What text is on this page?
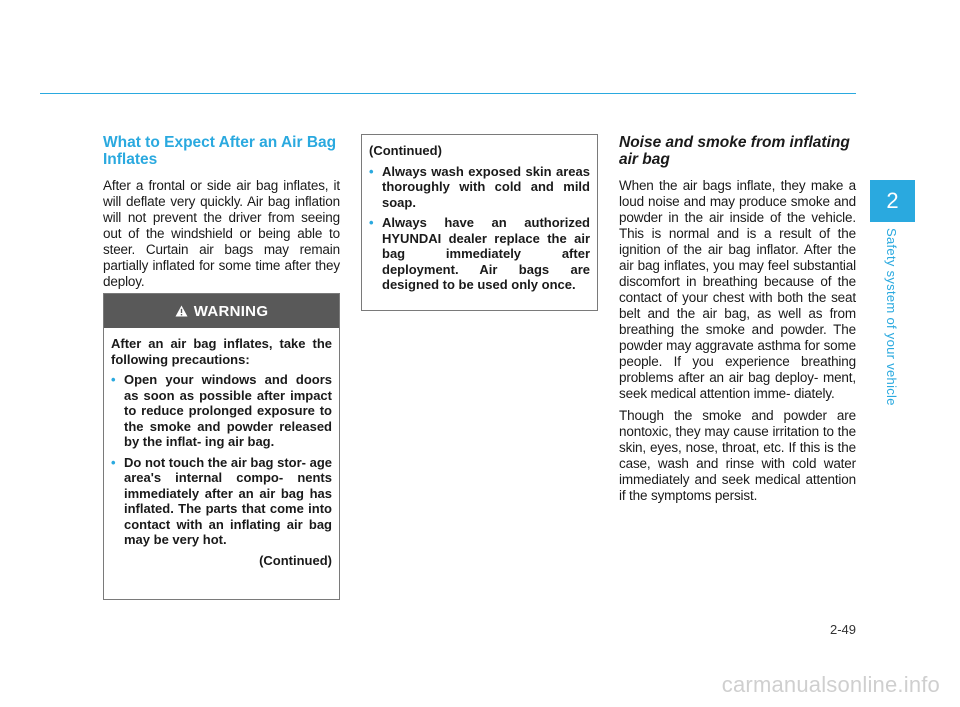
What to Expect After an Air Bag Inflates

After a frontal or side air bag inflates, it will deflate very quickly. Air bag inflation will not prevent the driver from seeing out of the windshield or being able to steer. Curtain air bags may remain partially inflated for some time after they deploy.

WARNING

After an air bag inflates, take the following precautions:

• Open your windows and doors as soon as possible after impact to reduce prolonged exposure to the smoke and powder released by the inflat- ing air bag.
• Do not touch the air bag stor- age area's internal compo- nents immediately after an air bag has inflated. The parts that come into contact with an inflating air bag may be very hot.
(Continued)

(Continued)

• Always wash exposed skin areas thoroughly with cold and mild soap.
• Always have an authorized HYUNDAI dealer replace the air bag immediately after deployment. Air bags are designed to be used only once.
Noise and smoke from inflating air bag

When the air bags inflate, they make a loud noise and may produce smoke and powder in the air inside of the vehicle. This is normal and is a result of the ignition of the air bag inflator. After the air bag inflates, you may feel substantial discomfort in breathing because of the contact of your chest with both the seat belt and the air bag, as well as from breathing the smoke and powder. The powder may aggravate asthma for some people. If you experience breathing problems after an air bag deploy- ment, seek medical attention imme- diately.

Though the smoke and powder are nontoxic, they may cause irritation to the skin, eyes, nose, throat, etc. If this is the case, wash and rinse with cold water immediately and seek medical attention if the symptoms persist.

2
Safety system of your vehicle
2-49
carmanualsonline.info
